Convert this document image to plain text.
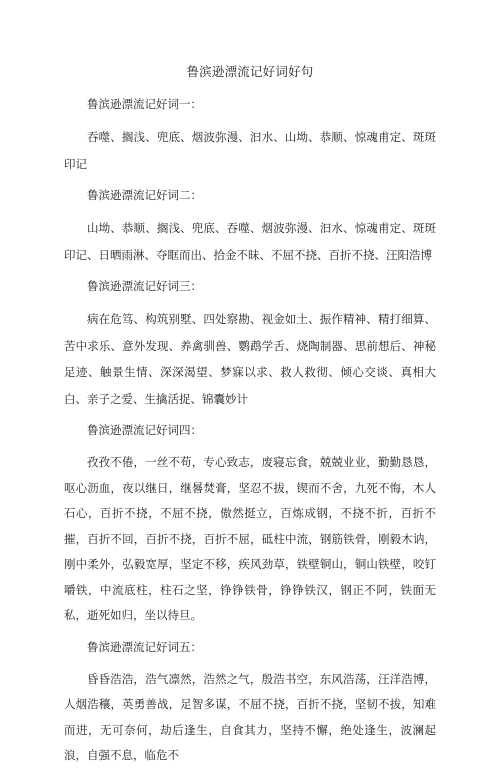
鲁滨逊漂流记好词好句
鲁滨逊漂流记好词一：
吞噬、搁浅、兜底、烟波弥漫、汩水、山坳、恭顺、惊魂甫定、斑斑印记
鲁滨逊漂流记好词二：
山坳、恭顺、搁浅、兜底、吞噬、烟波弥漫、汩水、惊魂甫定、斑斑印记、日晒雨淋、夺眶而出、拾金不昧、不屈不挠、百折不挠、汪阳浩博
鲁滨逊漂流记好词三：
病在危笃、构筑别墅、四处察勘、视金如土、振作精神、精打细算、苦中求乐、意外发现、养禽驯兽、鹦鹉学舌、烧陶制器、思前想后、神秘足迹、触景生情、深深渴望、梦寐以求、救人救彻、倾心交谈、真相大白、亲子之爱、生擒活捉、锦囊妙计
鲁滨逊漂流记好词四：
孜孜不倦，一丝不苟，专心致志，废寝忘食，兢兢业业，勤勤恳恳，呕心沥血，夜以继日，继晷焚膏，坚忍不拔，锲而不舍，九死不悔，木人石心，百折不挠，不屈不挠，傲然挺立，百炼成钢，不挠不折，百折不摧，百折不回，百折不挠，百折不屈，砥柱中流，钢筋铁骨，刚毅木讷，刚中柔外，弘毅宽厚，坚定不移，疾风劲草，铁壁铜山，铜山铁壁，咬钉嚼铁，中流底柱，柱石之坚，铮铮铁骨，铮铮铁汉，钢正不阿，铁面无私，逝死如归，坐以待旦。
鲁滨逊漂流记好词五：
昏昏浩浩，浩气凛然，浩然之气，殷浩书空，东风浩荡，汪洋浩博，人烟浩穰，英勇善战，足智多谋，不屈不挠，百折不挠，坚韧不拔，知难而进，无可奈何，劫后逢生，自食其力，坚持不懈，绝处逢生，波澜起浪，自强不息，临危不
